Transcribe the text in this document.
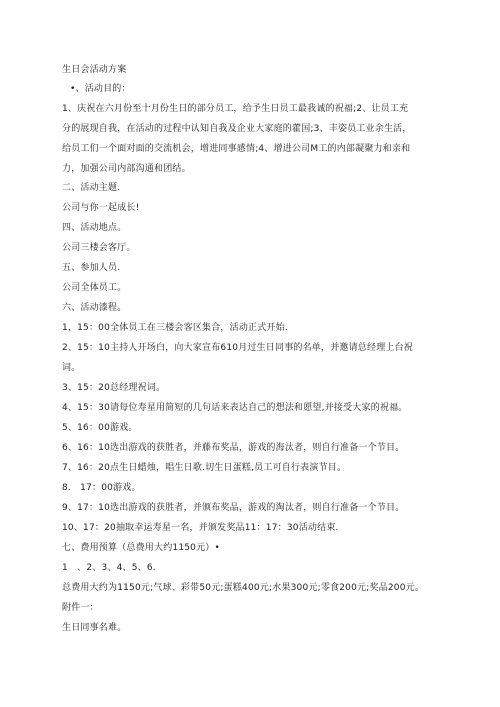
生日会活动方案
•、活动目的：
1、庆祝在六月份至十月份生日的部分员工，给予生日员工最我诚的祝福;2、让员工充
分的展现自我，在活动的过程中认知自我及企业大家庭的藿国;3、丰姿员工业余生活，
给员工们一个面对面的交流机会，增进同事感情;4、增进公司M工的内部凝聚力和亲和
力，加强公司内部沟通和团结。
二、活动主题.
公司与你一起成长!
四、活动地点。
公司三楼会客厅。
五、参加人员.
公司全体员工。
六、活动漆程。
1，15：00全体员工在三楼会客区集合，活动正式开始.
2、15：10主持人开场白，向大家宣布610月过生日同事的名单，并邀请总经理上台祝
词。
3、15：20总经理祝词。
4、15：30请每位寿星用简短的几句话来表达自己的想法和愿望,并接受大家的祝福。
5、16：00游戏。
6、16：10选出游戏的获胜者，并藤布奖品，游戏的海汰者，则自行准备一个节目。
7、16：20点生日蜡烛，唱生日歌.切生日蛋糕,员工可自行表演节目。
8.　17：00游戏。
9、17：10选出游戏的获胜者，并颁布奖品，游戏的淘汰者，则自行准备一个节目。
10、17：20抽取幸运寿星一名，并颁发奖品11：17：30活动结束.
七、费用预算（总费用大约1150元）•
1　、2、3、4、5、6.
总费用大约为1150元;气球、彩带50元;蛋糕400元;水果300元;零食200元;奖品200元。
附件一：
生日同事名难。
